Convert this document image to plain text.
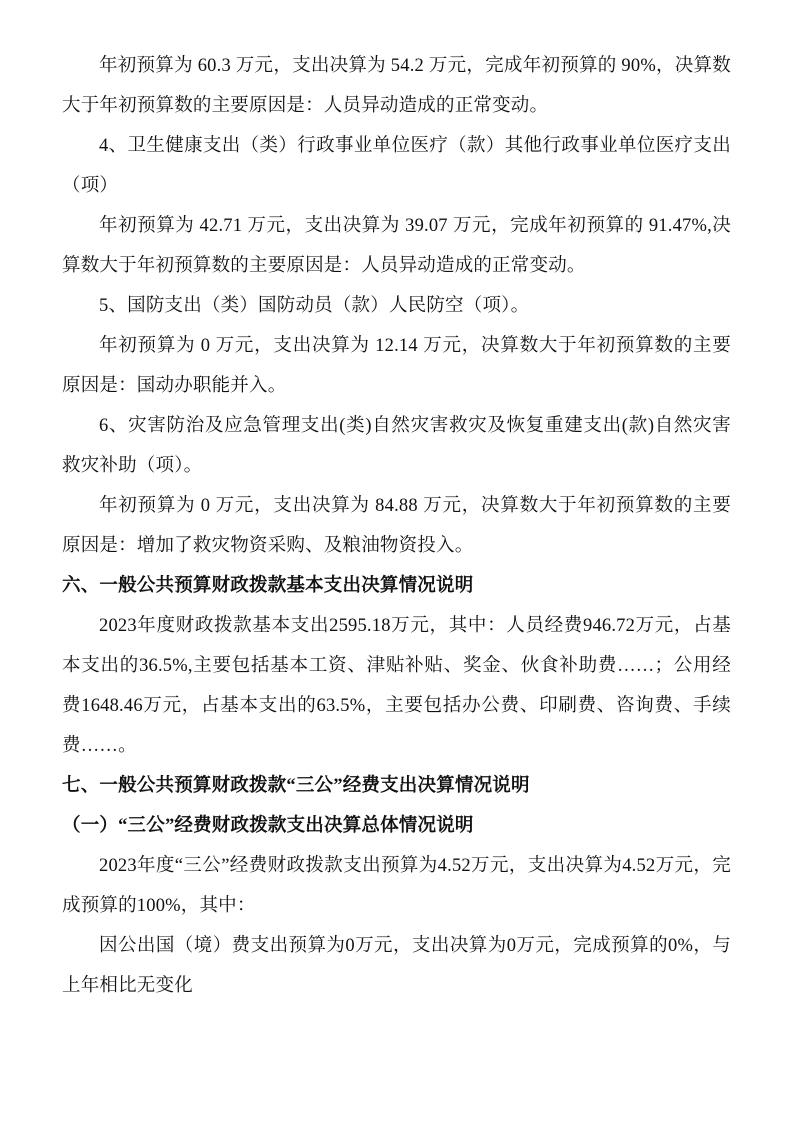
年初预算为 60.3 万元，支出决算为 54.2 万元，完成年初预算的 90%，决算数大于年初预算数的主要原因是：人员异动造成的正常变动。

4、卫生健康支出（类）行政事业单位医疗（款）其他行政事业单位医疗支出（项）

年初预算为 42.71 万元，支出决算为 39.07 万元，完成年初预算的 91.47%,决算数大于年初预算数的主要原因是：人员异动造成的正常变动。

5、国防支出（类）国防动员（款）人民防空（项）。

年初预算为 0 万元，支出决算为 12.14 万元，决算数大于年初预算数的主要原因是：国动办职能并入。

6、灾害防治及应急管理支出(类)自然灾害救灾及恢复重建支出(款)自然灾害救灾补助（项）。

年初预算为 0 万元，支出决算为 84.88 万元，决算数大于年初预算数的主要原因是：增加了救灾物资采购、及粮油物资投入。

六、一般公共预算财政拨款基本支出决算情况说明

2023年度财政拨款基本支出2595.18万元，其中：人员经费946.72万元，占基本支出的36.5%,主要包括基本工资、津贴补贴、奖金、伙食补助费……；公用经费1648.46万元，占基本支出的63.5%，主要包括办公费、印刷费、咨询费、手续费……。

七、一般公共预算财政拨款“三公”经费支出决算情况说明

（一）“三公”经费财政拨款支出决算总体情况说明

2023年度“三公”经费财政拨款支出预算为4.52万元，支出决算为4.52万元，完成预算的100%，其中：

因公出国（境）费支出预算为0万元，支出决算为0万元，完成预算的0%，与上年相比无变化
